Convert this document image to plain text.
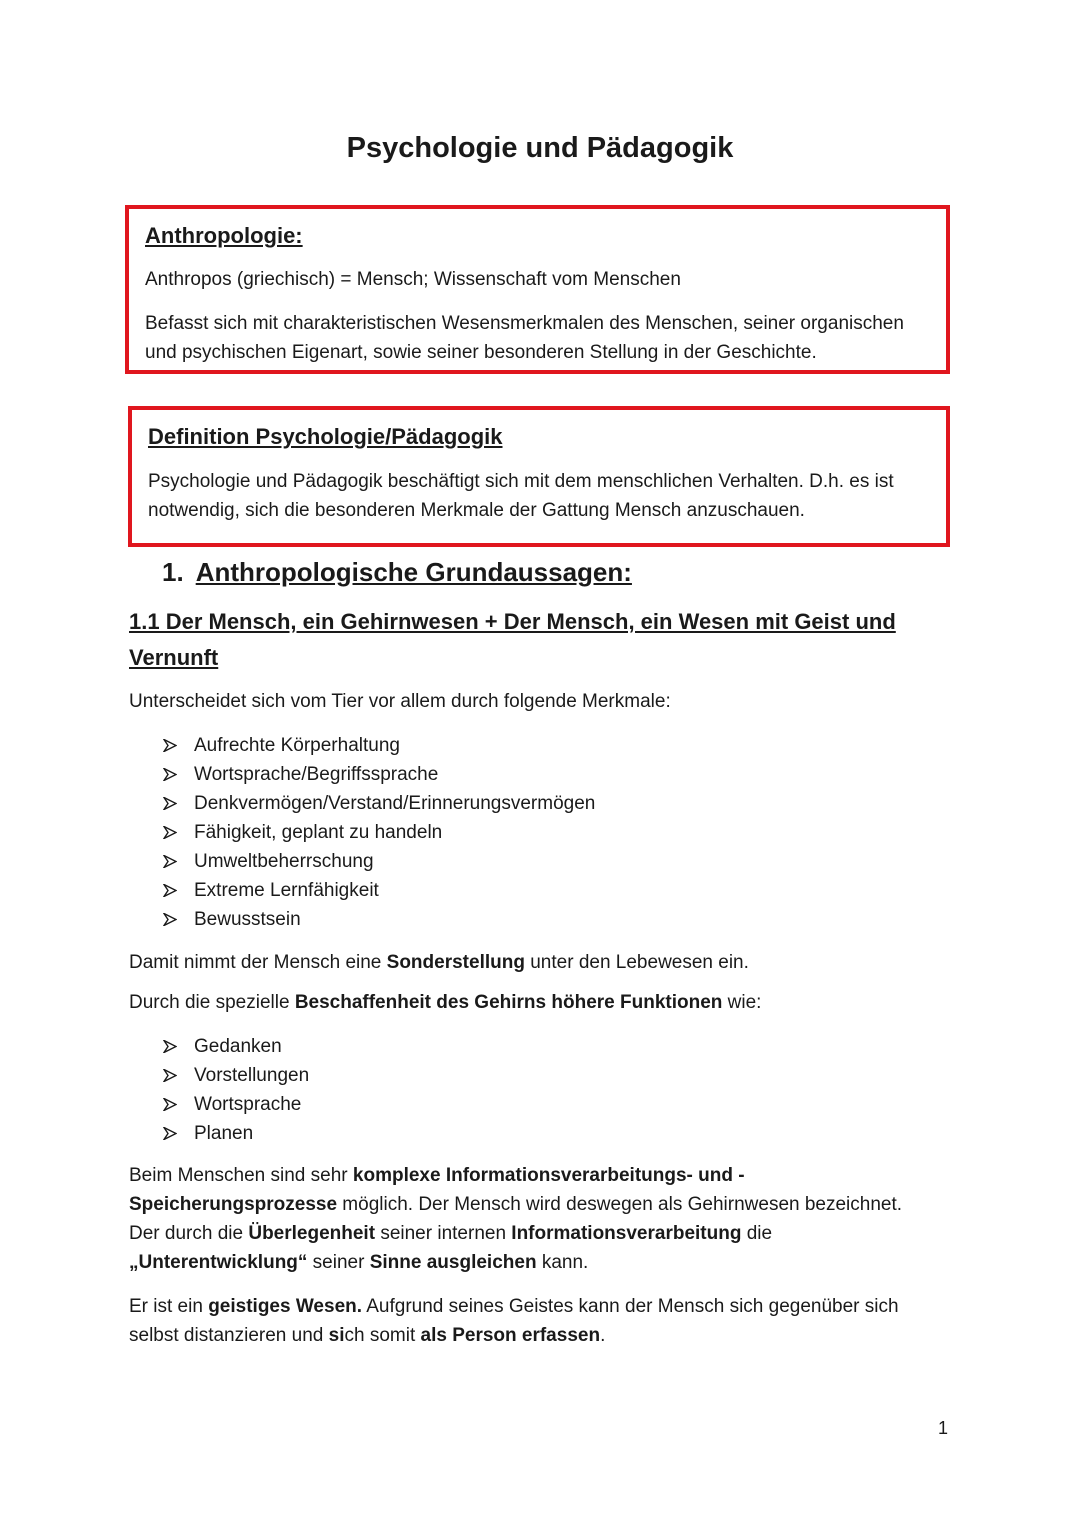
Psychologie und Pädagogik

Anthropologie:

Anthropos (griechisch) = Mensch; Wissenschaft vom Menschen

Befasst sich mit charakteristischen Wesensmerkmalen des Menschen, seiner organischen und psychischen Eigenart, sowie seiner besonderen Stellung in der Geschichte.

Definition Psychologie/Pädagogik

Psychologie und Pädagogik beschäftigt sich mit dem menschlichen Verhalten. D.h. es ist notwendig, sich die besonderen Merkmale der Gattung Mensch anzuschauen.

1. Anthropologische Grundaussagen:
1.1 Der Mensch, ein Gehirnwesen + Der Mensch, ein Wesen mit Geist und Vernunft

Unterscheidet sich vom Tier vor allem durch folgende Merkmale:

Aufrechte Körperhaltung
Wortsprache/Begriffssprache
Denkvermögen/Verstand/Erinnerungsvermögen
Fähigkeit, geplant zu handeln
Umweltbeherrschung
Extreme Lernfähigkeit
Bewusstsein

Damit nimmt der Mensch eine Sonderstellung unter den Lebewesen ein.

Durch die spezielle Beschaffenheit des Gehirns höhere Funktionen wie:

Gedanken
Vorstellungen
Wortsprache
Planen

Beim Menschen sind sehr komplexe Informationsverarbeitungs- und -Speicherungsprozesse möglich. Der Mensch wird deswegen als Gehirnwesen bezeichnet. Der durch die Überlegenheit seiner internen Informationsverarbeitung die „Unterentwicklung“ seiner Sinne ausgleichen kann.

Er ist ein geistiges Wesen. Aufgrund seines Geistes kann der Mensch sich gegenüber sich selbst distanzieren und sich somit als Person erfassen.

1
